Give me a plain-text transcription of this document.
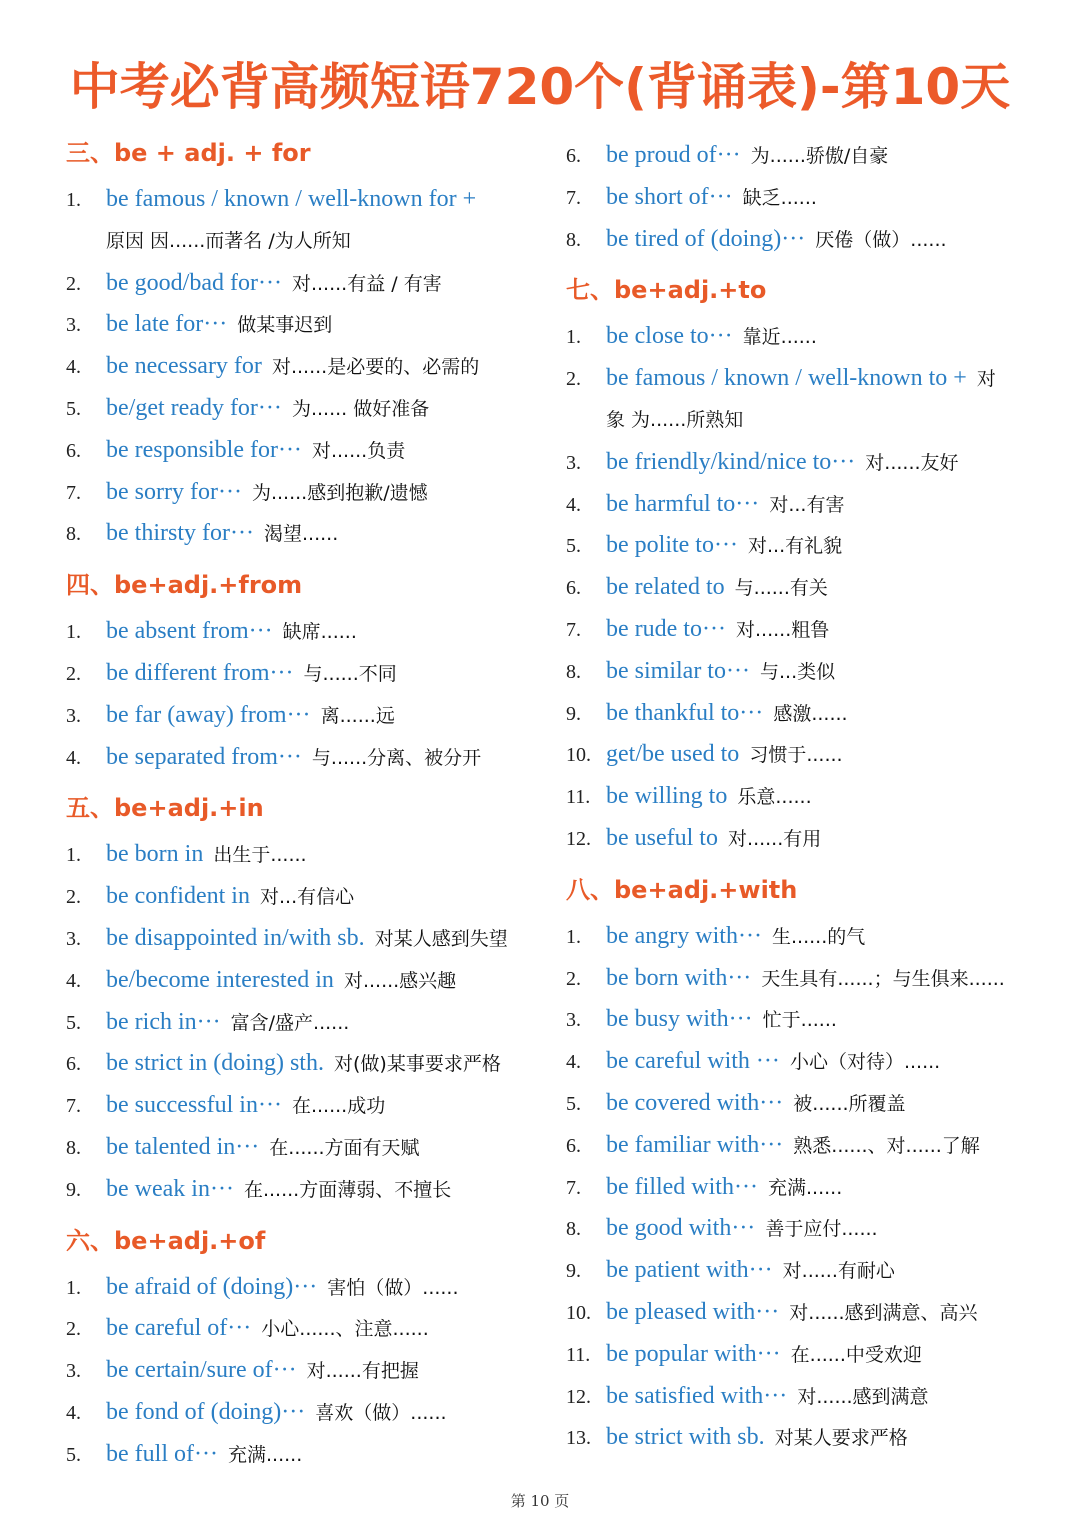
中考必背高频短语720个(背诵表)-第10天
三、be + adj. + for
1. be famous / known / well-known for +
原因 因......而著名 /为人所知
2. be good/bad for··· 对......有益 / 有害
3. be late for··· 做某事迟到
4. be necessary for 对......是必要的、必需的
5. be/get ready for··· 为...... 做好准备
6. be responsible for··· 对......负责
7. be sorry for··· 为......感到抱歉/遗憾
8. be thirsty for··· 渴望......
四、be+adj.+from
1. be absent from··· 缺席......
2. be different from··· 与......不同
3. be far (away) from··· 离......远
4. be separated from··· 与......分离、被分开
五、be+adj.+in
1. be born in 出生于......
2. be confident in 对...有信心
3. be disappointed in/with sb. 对某人感到失望
4. be/become interested in 对......感兴趣
5. be rich in··· 富含/盛产......
6. be strict in (doing) sth. 对(做)某事要求严格
7. be successful in··· 在......成功
8. be talented in··· 在......方面有天赋
9. be weak in··· 在......方面薄弱、不擅长
六、be+adj.+of
1. be afraid of (doing)··· 害怕（做）......
2. be careful of··· 小心......、注意......
3. be certain/sure of··· 对......有把握
4. be fond of (doing)··· 喜欢（做）......
5. be full of··· 充满......
6. be proud of··· 为......骄傲/自豪
7. be short of··· 缺乏......
8. be tired of (doing)··· 厌倦（做）......
七、be+adj.+to
1. be close to··· 靠近......
2. be famous / known / well-known to + 对
象 为......所熟知
3. be friendly/kind/nice to··· 对......友好
4. be harmful to··· 对...有害
5. be polite to··· 对...有礼貌
6. be related to 与......有关
7. be rude to··· 对......粗鲁
8. be similar to··· 与...类似
9. be thankful to··· 感激......
10. get/be used to 习惯于......
11. be willing to 乐意......
12. be useful to 对......有用
八、be+adj.+with
1. be angry with··· 生......的气
2. be born with··· 天生具有......；与生俱来......
3. be busy with··· 忙于......
4. be careful with ··· 小心（对待）......
5. be covered with··· 被......所覆盖
6. be familiar with··· 熟悉......、对......了解
7. be filled with··· 充满......
8. be good with··· 善于应付......
9. be patient with··· 对......有耐心
10. be pleased with··· 对......感到满意、高兴
11. be popular with··· 在......中受欢迎
12. be satisfied with··· 对......感到满意
13. be strict with sb. 对某人要求严格
第 10 页
